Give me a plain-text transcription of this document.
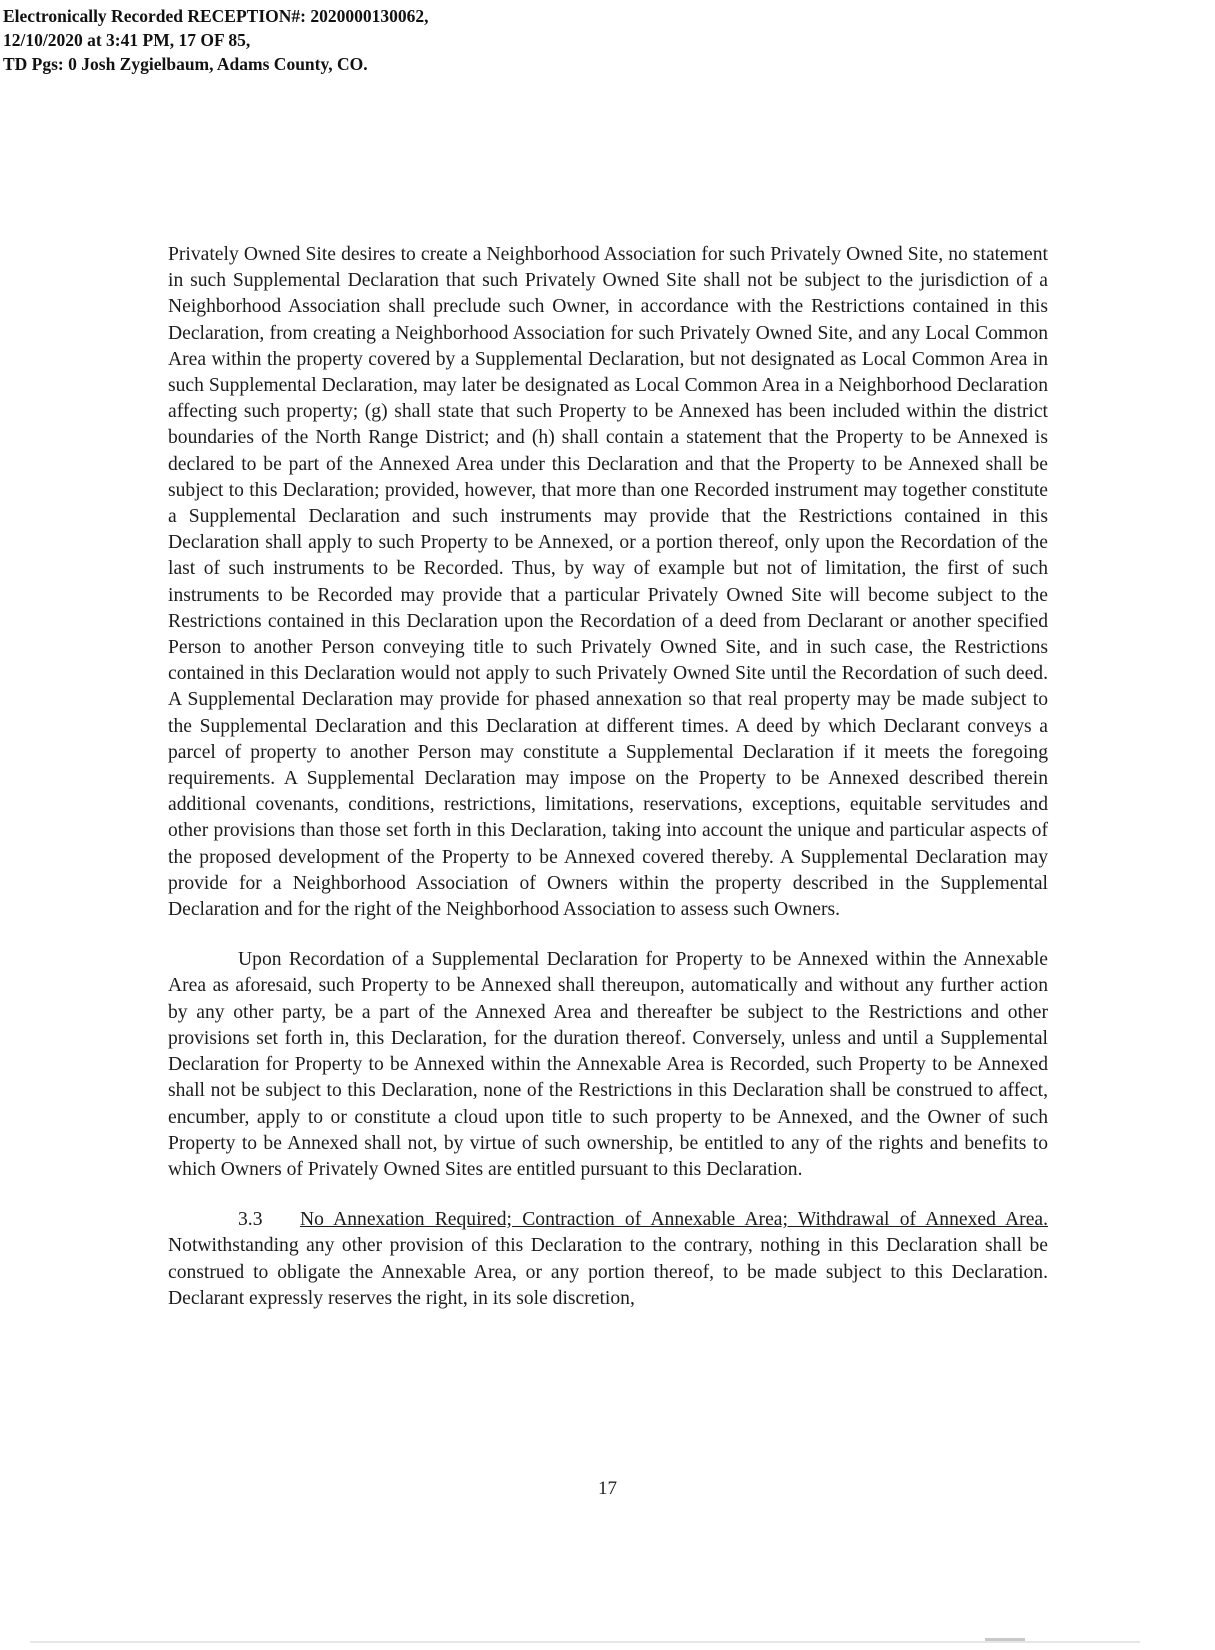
Electronically Recorded RECEPTION#: 2020000130062,
12/10/2020 at 3:41 PM, 17 OF 85,
TD Pgs: 0 Josh Zygielbaum, Adams County, CO.

Privately Owned Site desires to create a Neighborhood Association for such Privately Owned Site, no statement in such Supplemental Declaration that such Privately Owned Site shall not be subject to the jurisdiction of a Neighborhood Association shall preclude such Owner, in accordance with the Restrictions contained in this Declaration, from creating a Neighborhood Association for such Privately Owned Site, and any Local Common Area within the property covered by a Supplemental Declaration, but not designated as Local Common Area in such Supplemental Declaration, may later be designated as Local Common Area in a Neighborhood Declaration affecting such property; (g) shall state that such Property to be Annexed has been included within the district boundaries of the North Range District; and (h) shall contain a statement that the Property to be Annexed is declared to be part of the Annexed Area under this Declaration and that the Property to be Annexed shall be subject to this Declaration; provided, however, that more than one Recorded instrument may together constitute a Supplemental Declaration and such instruments may provide that the Restrictions contained in this Declaration shall apply to such Property to be Annexed, or a portion thereof, only upon the Recordation of the last of such instruments to be Recorded. Thus, by way of example but not of limitation, the first of such instruments to be Recorded may provide that a particular Privately Owned Site will become subject to the Restrictions contained in this Declaration upon the Recordation of a deed from Declarant or another specified Person to another Person conveying title to such Privately Owned Site, and in such case, the Restrictions contained in this Declaration would not apply to such Privately Owned Site until the Recordation of such deed. A Supplemental Declaration may provide for phased annexation so that real property may be made subject to the Supplemental Declaration and this Declaration at different times. A deed by which Declarant conveys a parcel of property to another Person may constitute a Supplemental Declaration if it meets the foregoing requirements. A Supplemental Declaration may impose on the Property to be Annexed described therein additional covenants, conditions, restrictions, limitations, reservations, exceptions, equitable servitudes and other provisions than those set forth in this Declaration, taking into account the unique and particular aspects of the proposed development of the Property to be Annexed covered thereby. A Supplemental Declaration may provide for a Neighborhood Association of Owners within the property described in the Supplemental Declaration and for the right of the Neighborhood Association to assess such Owners.

Upon Recordation of a Supplemental Declaration for Property to be Annexed within the Annexable Area as aforesaid, such Property to be Annexed shall thereupon, automatically and without any further action by any other party, be a part of the Annexed Area and thereafter be subject to the Restrictions and other provisions set forth in, this Declaration, for the duration thereof. Conversely, unless and until a Supplemental Declaration for Property to be Annexed within the Annexable Area is Recorded, such Property to be Annexed shall not be subject to this Declaration, none of the Restrictions in this Declaration shall be construed to affect, encumber, apply to or constitute a cloud upon title to such property to be Annexed, and the Owner of such Property to be Annexed shall not, by virtue of such ownership, be entitled to any of the rights and benefits to which Owners of Privately Owned Sites are entitled pursuant to this Declaration.

3.3 No Annexation Required; Contraction of Annexable Area; Withdrawal of Annexed Area. Notwithstanding any other provision of this Declaration to the contrary, nothing in this Declaration shall be construed to obligate the Annexable Area, or any portion thereof, to be made subject to this Declaration. Declarant expressly reserves the right, in its sole discretion,

17
